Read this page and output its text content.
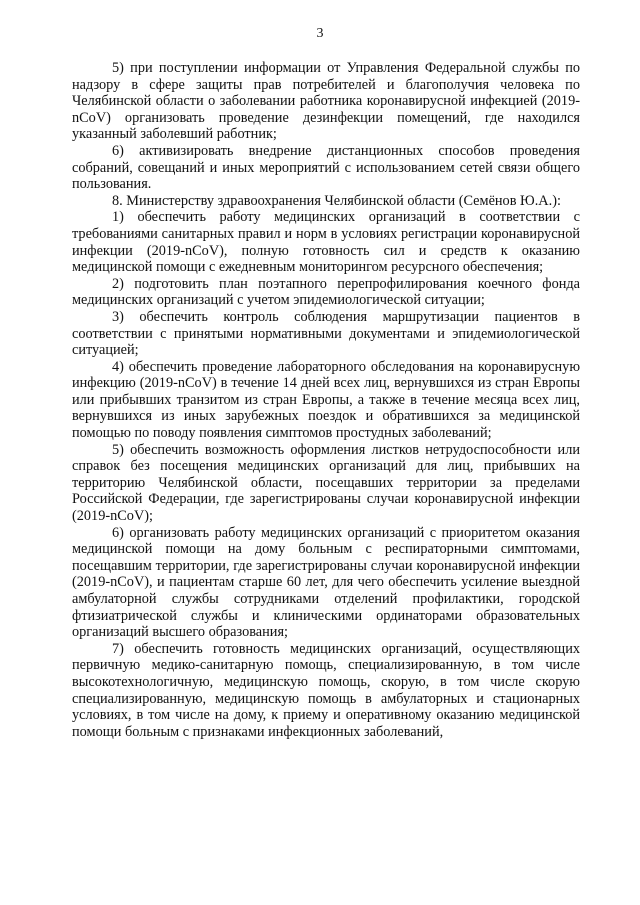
3

5) при поступлении информации от Управления Федеральной службы по надзору в сфере защиты прав потребителей и благополучия человека по Челябинской области о заболевании работника коронавирусной инфекцией (2019-nCoV) организовать проведение дезинфекции помещений, где находился указанный заболевший работник;

6) активизировать внедрение дистанционных способов проведения собраний, совещаний и иных мероприятий с использованием сетей связи общего пользования.

8. Министерству здравоохранения Челябинской области (Семёнов Ю.А.):

1) обеспечить работу медицинских организаций в соответствии с требованиями санитарных правил и норм в условиях регистрации коронавирусной инфекции (2019-nCoV), полную готовность сил и средств к оказанию медицинской помощи с ежедневным мониторингом ресурсного обеспечения;

2) подготовить план поэтапного перепрофилирования коечного фонда медицинских организаций с учетом эпидемиологической ситуации;

3) обеспечить контроль соблюдения маршрутизации пациентов в соответствии с принятыми нормативными документами и эпидемиологической ситуацией;

4) обеспечить проведение лабораторного обследования на коронавирусную инфекцию (2019-nCoV) в течение 14 дней всех лиц, вернувшихся из стран Европы или прибывших транзитом из стран Европы, а также в течение месяца всех лиц, вернувшихся из иных зарубежных поездок и обратившихся за медицинской помощью по поводу появления симптомов простудных заболеваний;

5) обеспечить возможность оформления листков нетрудоспособности или справок без посещения медицинских организаций для лиц, прибывших на территорию Челябинской области, посещавших территории за пределами Российской Федерации, где зарегистрированы случаи коронавирусной инфекции (2019-nCoV);

6) организовать работу медицинских организаций с приоритетом оказания медицинской помощи на дому больным с респираторными симптомами, посещавшим территории, где зарегистрированы случаи коронавирусной инфекции (2019-nCoV), и пациентам старше 60 лет, для чего обеспечить усиление выездной амбулаторной службы сотрудниками отделений профилактики, городской фтизиатрической службы и клиническими ординаторами образовательных организаций высшего образования;

7) обеспечить готовность медицинских организаций, осуществляющих первичную медико-санитарную помощь, специализированную, в том числе высокотехнологичную, медицинскую помощь, скорую, в том числе скорую специализированную, медицинскую помощь в амбулаторных и стационарных условиях, в том числе на дому, к приему и оперативному оказанию медицинской помощи больным с признаками инфекционных заболеваний,
